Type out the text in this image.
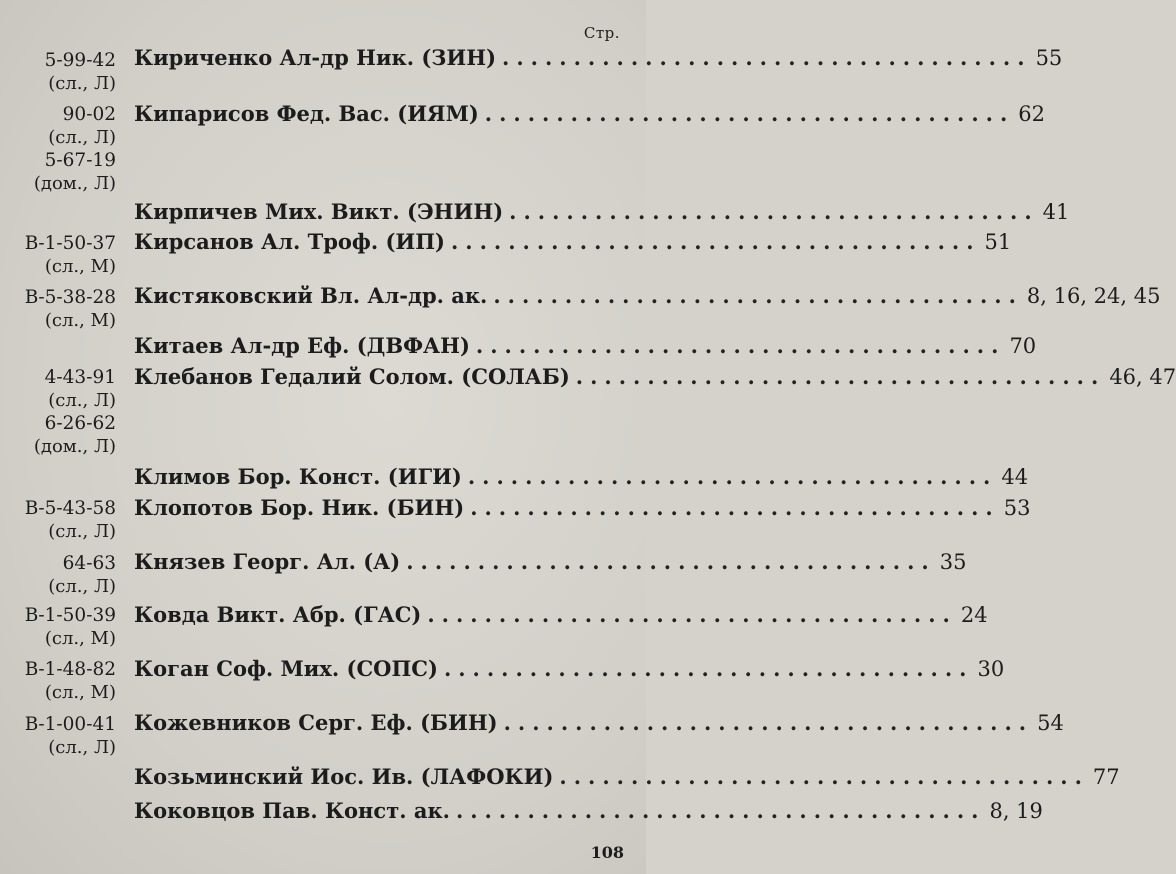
Стр.
5-99-42
(сл., Л)
Кириченко Ал-др Ник. (ЗИН) ..................................... 55
90-02
(сл., Л)
5-67-19
(дом., Л)
Кипарисов Фед. Вас. (ИЯМ) ..................................... 62
Кирпичев Мих. Викт. (ЭНИН) ..................................... 41
В-1-50-37
(сл., М)
Кирсанов Ал. Троф. (ИП) ..................................... 51
В-5-38-28
(сл., М)
Кистяковский Вл. Ал-др. ак. ..................................... 8, 16, 24, 45
Китаев Ал-др Еф. (ДВФАН) ..................................... 70
4-43-91
(сл., Л)
6-26-62
(дом., Л)
Клебанов Гедалий Солом. (СОЛАБ) ..................................... 46, 47
Климов Бор. Конст. (ИГИ) ..................................... 44
В-5-43-58
(сл., Л)
Клопотов Бор. Ник. (БИН) ..................................... 53
64-63
(сл., Л)
Князев Георг. Ал. (А) ..................................... 35
В-1-50-39
(сл., М)
Ковда Викт. Абр. (ГАС) ..................................... 24
В-1-48-82
(сл., М)
Коган Соф. Мих. (СОПС) ..................................... 30
В-1-00-41
(сл., Л)
Кожевников Серг. Еф. (БИН) ..................................... 54
Козьминский Иос. Ив. (ЛАФОКИ) ..................................... 77
Коковцов Пав. Конст. ак. ..................................... 8, 19
108
